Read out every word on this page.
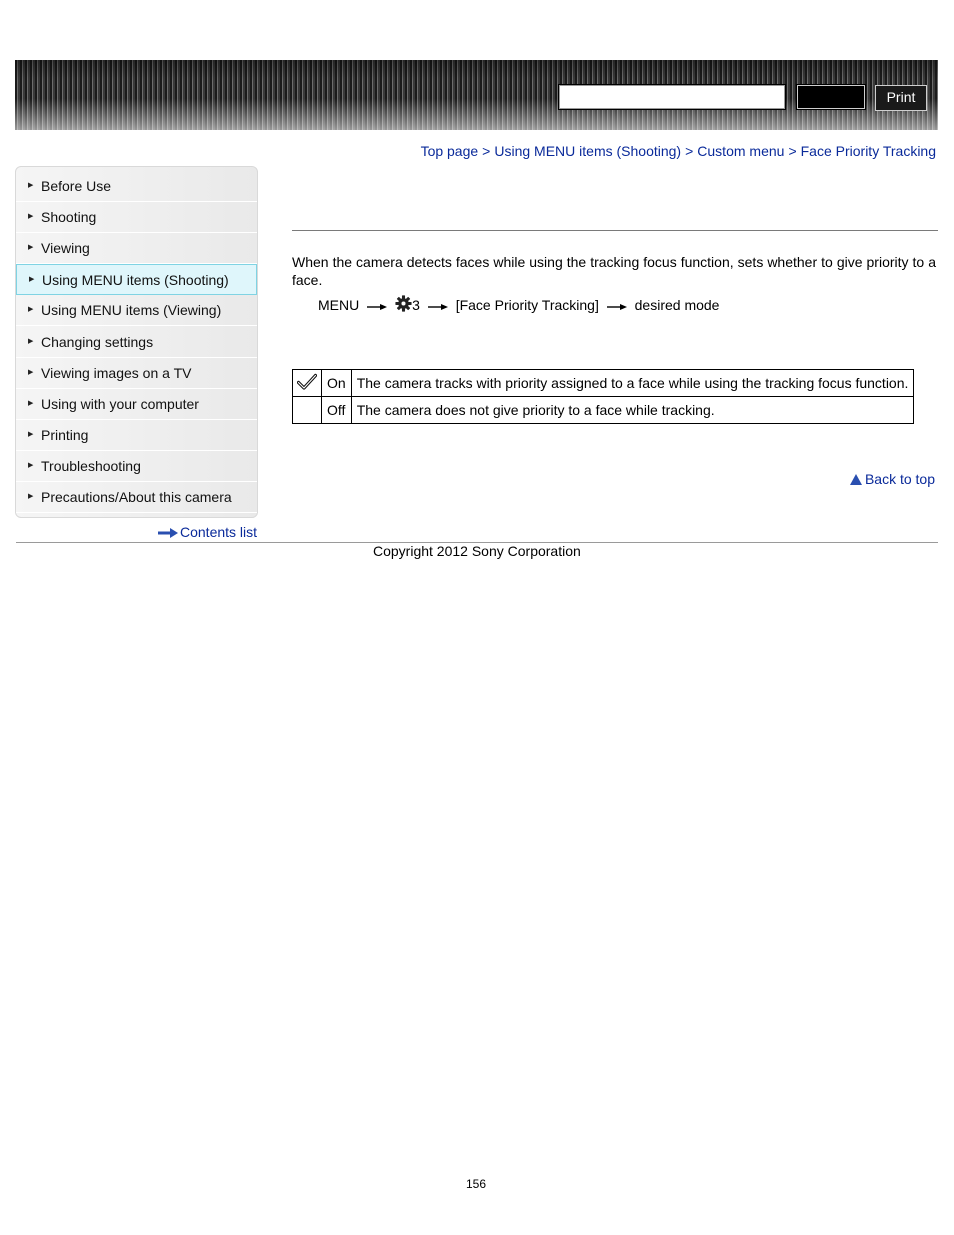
Print
Top page > Using MENU items (Shooting) > Custom menu > Face Priority Tracking
▶ Before Use
▶ Shooting
▶ Viewing
▶ Using MENU items (Shooting)
▶ Using MENU items (Viewing)
▶ Changing settings
▶ Viewing images on a TV
▶ Using with your computer
▶ Printing
▶ Troubleshooting
▶ Precautions/About this camera
Contents list
When the camera detects faces while using the tracking focus function, sets whether to give priority to a face.
MENU	3	[Face Priority Tracking]	desired mode
	On	The camera tracks with priority assigned to a face while using the tracking focus function.
	Off	The camera does not give priority to a face while tracking.
Back to top
Copyright 2012 Sony Corporation
156
